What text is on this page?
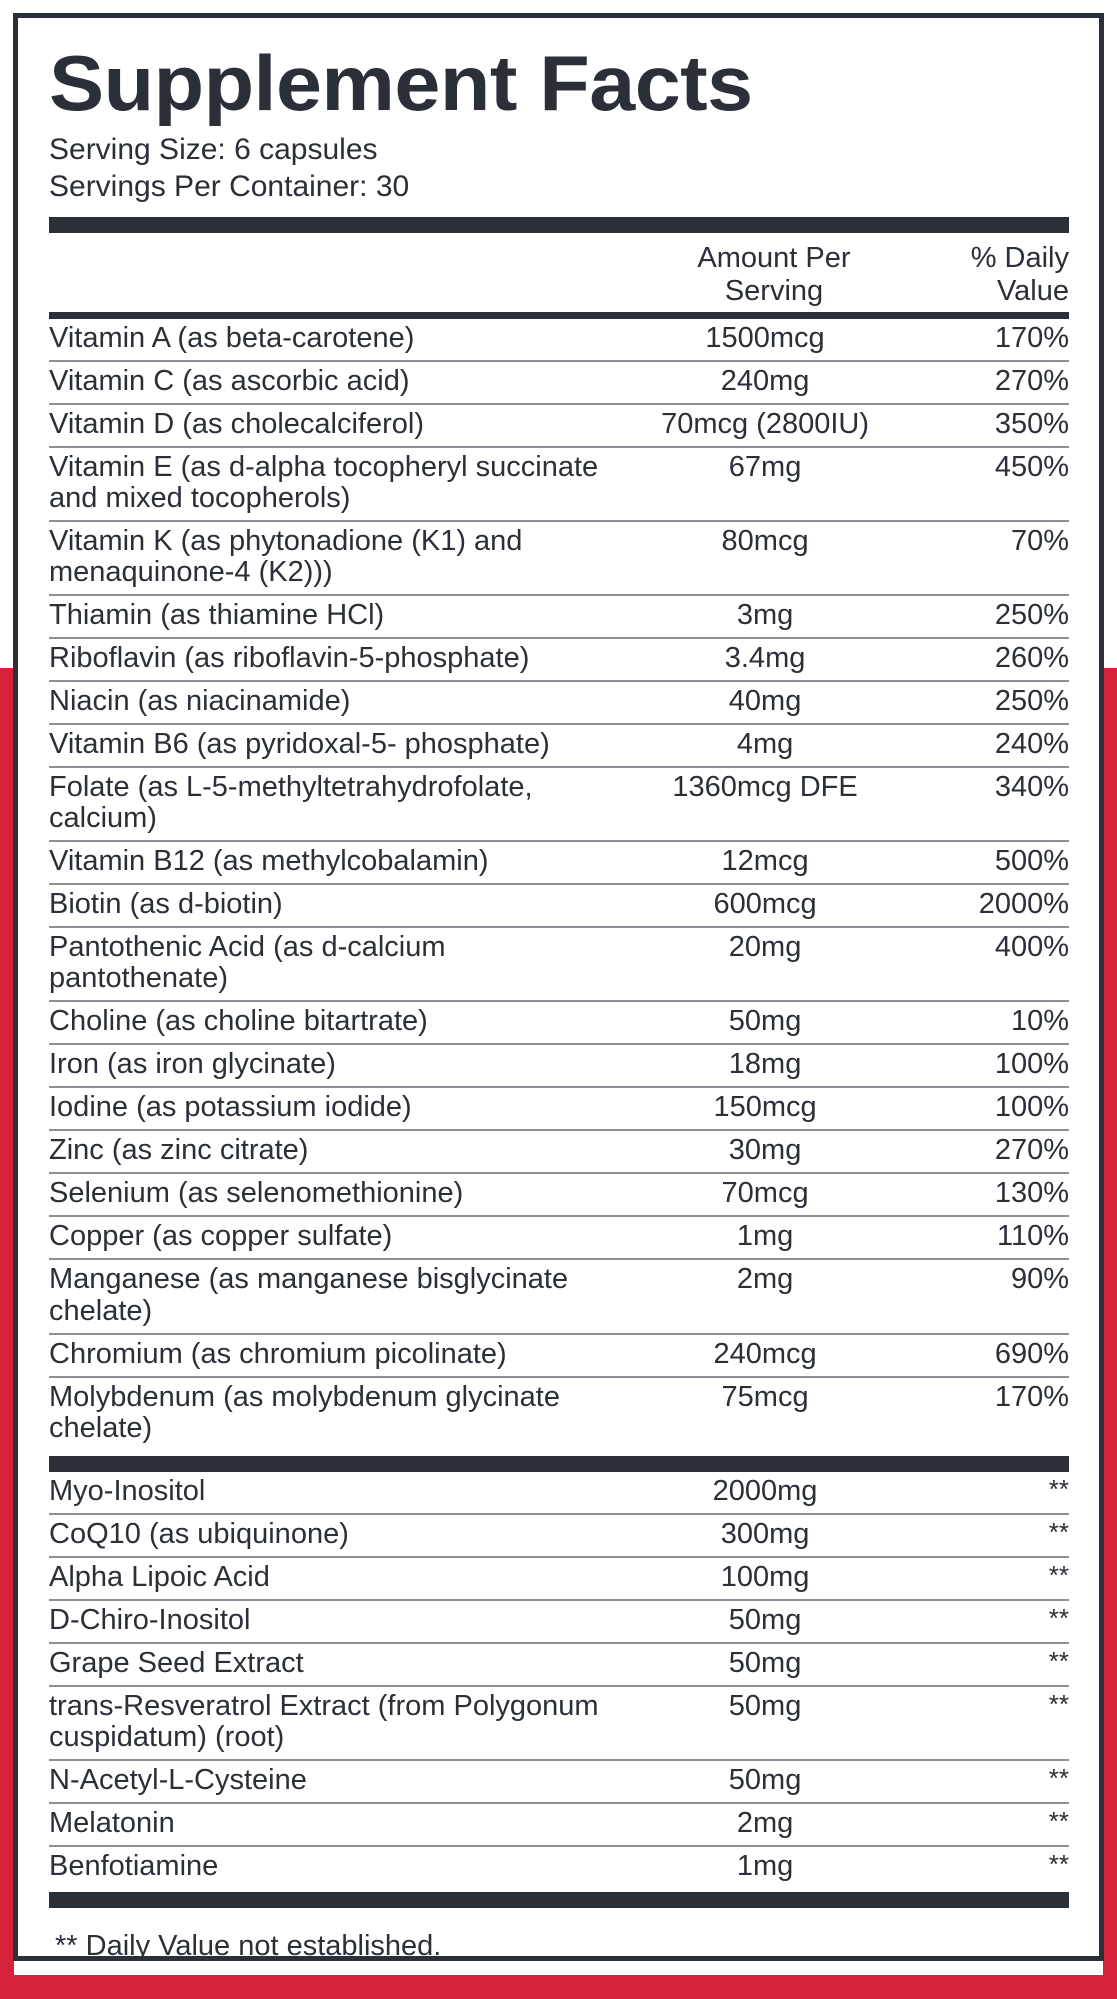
Supplement Facts
Serving Size: 6 capsules
Servings Per Container: 30
Amount Per
Serving
% Daily
Value
Vitamin A (as beta-carotene)	1500mcg	170%
Vitamin C (as ascorbic acid)	240mg	270%
Vitamin D (as cholecalciferol)	70mcg (2800IU)	350%
Vitamin E (as d-alpha tocopheryl succinate and mixed tocopherols)	67mg	450%
Vitamin K (as phytonadione (K1) and menaquinone-4 (K2)))	80mcg	70%
Thiamin (as thiamine HCl)	3mg	250%
Riboflavin (as riboflavin-5-phosphate)	3.4mg	260%
Niacin (as niacinamide)	40mg	250%
Vitamin B6 (as pyridoxal-5- phosphate)	4mg	240%
Folate (as L-5-methyltetrahydrofolate, calcium)	1360mcg DFE	340%
Vitamin B12 (as methylcobalamin)	12mcg	500%
Biotin (as d-biotin)	600mcg	2000%
Pantothenic Acid (as d-calcium pantothenate)	20mg	400%
Choline (as choline bitartrate)	50mg	10%
Iron (as iron glycinate)	18mg	100%
Iodine (as potassium iodide)	150mcg	100%
Zinc (as zinc citrate)	30mg	270%
Selenium (as selenomethionine)	70mcg	130%
Copper (as copper sulfate)	1mg	110%
Manganese (as manganese bisglycinate chelate)	2mg	90%
Chromium (as chromium picolinate)	240mcg	690%
Molybdenum (as molybdenum glycinate chelate)	75mcg	170%
Myo-Inositol	2000mg	**
CoQ10 (as ubiquinone)	300mg	**
Alpha Lipoic Acid	100mg	**
D-Chiro-Inositol	50mg	**
Grape Seed Extract	50mg	**
trans-Resveratrol Extract (from Polygonum cuspidatum) (root)	50mg	**
N-Acetyl-L-Cysteine	50mg	**
Melatonin	2mg	**
Benfotiamine	1mg	**
** Daily Value not established.
